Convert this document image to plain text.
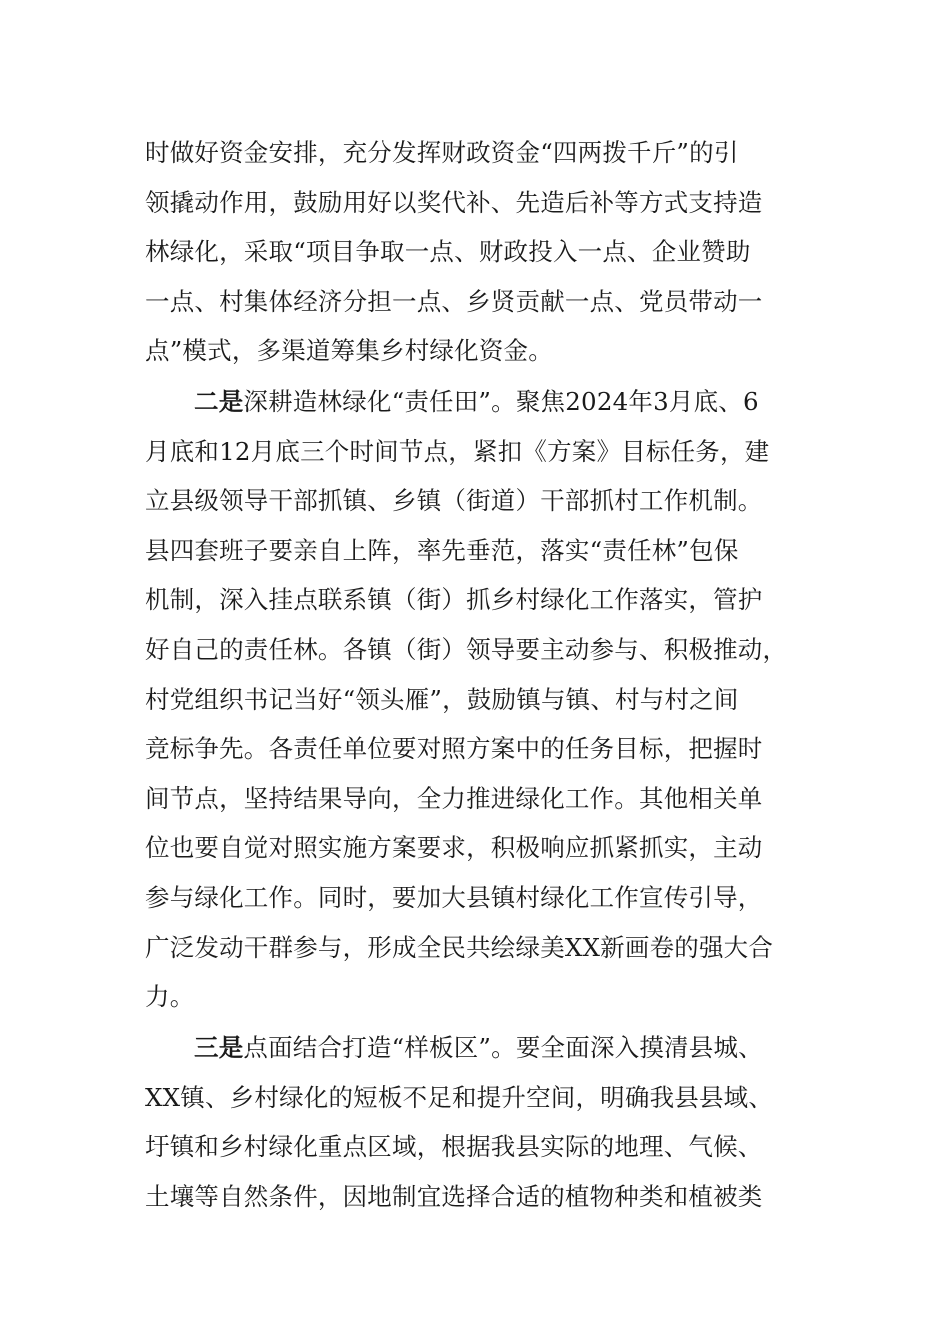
时做好资金安排，充分发挥财政资金“四两拨千斤”的引
领撬动作用，鼓励用好以奖代补、先造后补等方式支持造
林绿化，采取“项目争取一点、财政投入一点、企业赞助
一点、村集体经济分担一点、乡贤贡献一点、党员带动一
点”模式，多渠道筹集乡村绿化资金。

二是深耕造林绿化“责任田”。聚焦2024年3月底、6
月底和12月底三个时间节点，紧扣《方案》目标任务，建
立县级领导干部抓镇、乡镇（街道）干部抓村工作机制。
县四套班子要亲自上阵，率先垂范，落实“责任林”包保
机制，深入挂点联系镇（街）抓乡村绿化工作落实，管护
好自己的责任林。各镇（街）领导要主动参与、积极推动，
村党组织书记当好“领头雁”，鼓励镇与镇、村与村之间
竞标争先。各责任单位要对照方案中的任务目标，把握时
间节点，坚持结果导向，全力推进绿化工作。其他相关单
位也要自觉对照实施方案要求，积极响应抓紧抓实，主动
参与绿化工作。同时，要加大县镇村绿化工作宣传引导，
广泛发动干群参与，形成全民共绘绿美XX新画卷的强大合
力。

三是点面结合打造“样板区”。要全面深入摸清县城、
XX镇、乡村绿化的短板不足和提升空间，明确我县县域、
圩镇和乡村绿化重点区域，根据我县实际的地理、气候、
土壤等自然条件，因地制宜选择合适的植物种类和植被类
